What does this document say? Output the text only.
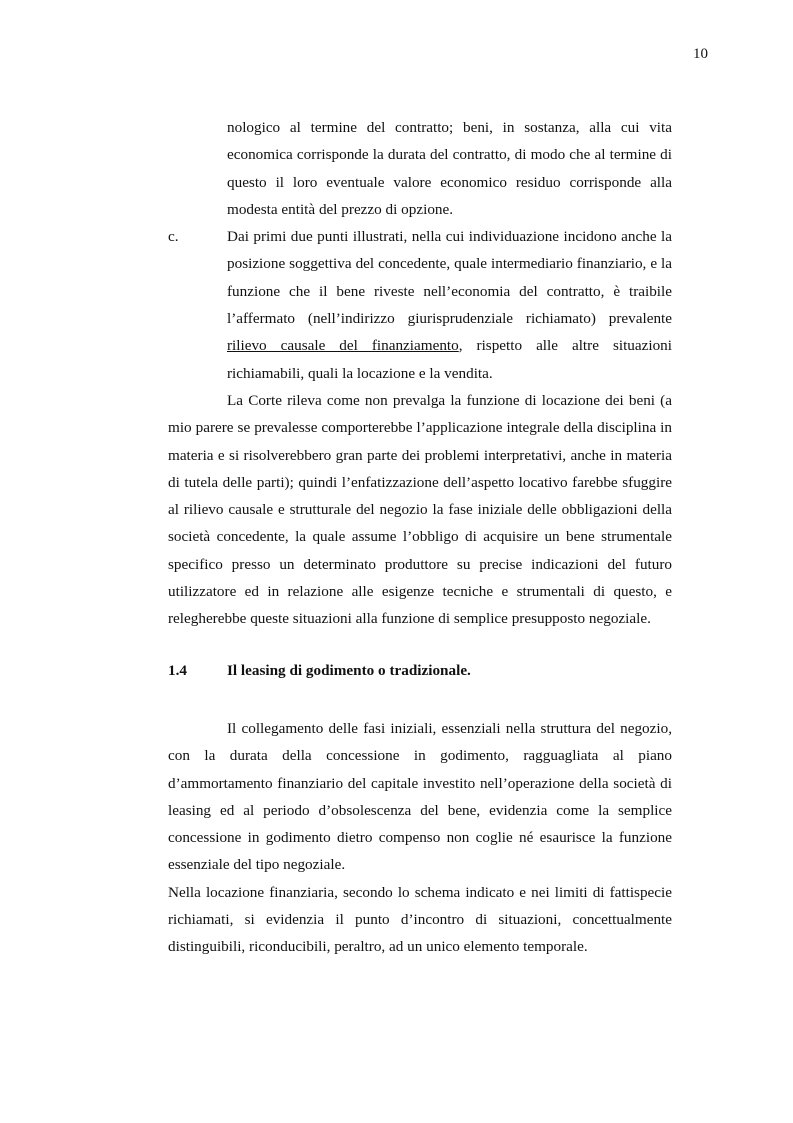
10

nologico al termine del contratto; beni, in sostanza, alla cui vita economica corrisponde la durata del contratto, di modo che al termine di questo il loro eventuale valore economico residuo corrisponde alla modesta entità del prezzo di opzione.

c.	Dai primi due punti illustrati, nella cui individuazione incidono anche la posizione soggettiva del concedente, quale intermediario finanziario, e la funzione che il bene riveste nell’economia del contratto, è traibile l’affermato (nell’indirizzo giurisprudenziale richiamato) prevalente rilievo causale del finanziamento, rispetto alle altre situazioni richiamabili, quali la locazione e la vendita.

La Corte rileva come non prevalga la funzione di locazione dei beni (a mio parere se prevalesse comporterebbe l’applicazione integrale della disciplina in materia e si risolverebbero gran parte dei problemi interpretativi, anche in materia di tutela delle parti); quindi l’enfatizzazione dell’aspetto locativo farebbe sfuggire al rilievo causale e strutturale del negozio la fase iniziale delle obbligazioni della società concedente, la quale assume l’obbligo di acquisire un bene strumentale specifico presso un determinato produttore su precise indicazioni del futuro utilizzatore ed in relazione alle esigenze tecniche e strumentali di questo, e relegherebbe queste situazioni alla funzione di semplice presupposto negoziale.

1.4	Il leasing di godimento o tradizionale.

Il collegamento delle fasi iniziali, essenziali nella struttura del negozio, con la durata della concessione in godimento, ragguagliata al piano d’ammortamento finanziario del capitale investito nell’operazione della società di leasing ed al periodo d’obsolescenza del bene, evidenzia come la semplice concessione in godimento dietro compenso non coglie né esaurisce la funzione essenziale del tipo negoziale.

Nella locazione finanziaria, secondo lo schema indicato e nei limiti di fattispecie richiamati, si evidenzia il punto d’incontro di situazioni, concettualmente distinguibili, riconducibili, peraltro, ad un unico elemento temporale.
